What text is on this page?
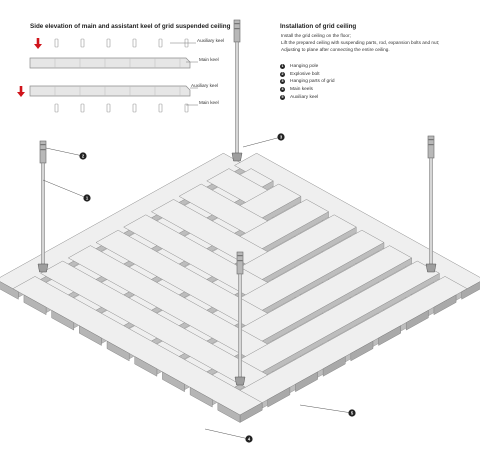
Side elevation of main and assistant keel of grid suspended ceiling	Installation of grid ceiling
Install the grid ceiling on the floor;
Lift the prepared ceiling with suspending parts, rod, expansion bolts and nut;
Adjusting to plane after connecting the entire ceiling.
1	Hanging pole
2	Explosive bolt
3	Hanging parts of grid
4	Main keels
5	Auxiliary keel
Auxiliary keel
Main keel
Auxiliary keel
Main keel
2
1
3
4
5
